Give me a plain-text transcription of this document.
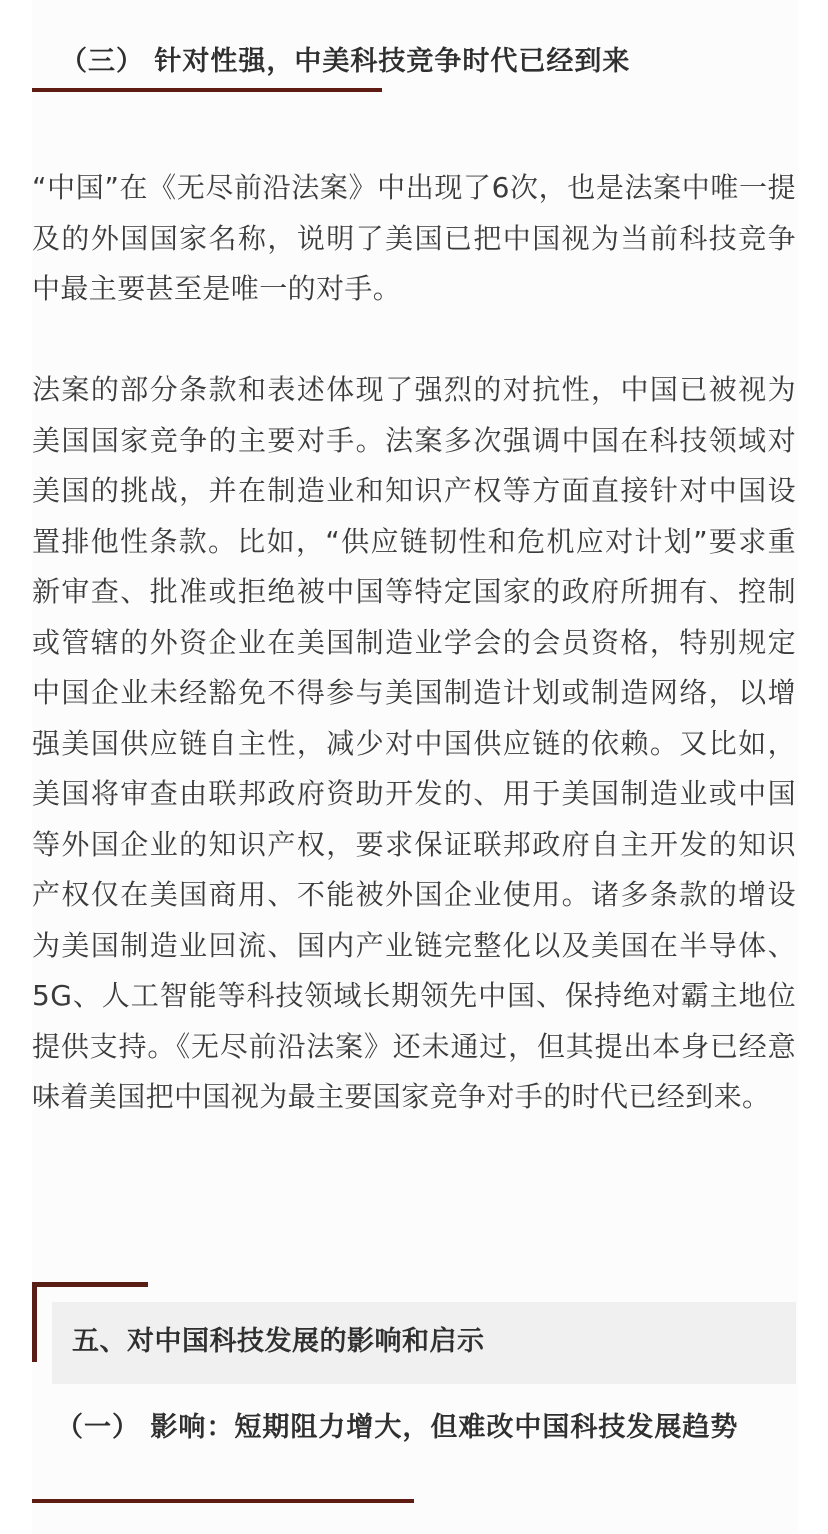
（三） 针对性强，中美科技竞争时代已经到来

“中国”在《无尽前沿法案》中出现了6次，也是法案中唯一提及的外国国家名称，说明了美国已把中国视为当前科技竞争中最主要甚至是唯一的对手。

法案的部分条款和表述体现了强烈的对抗性，中国已被视为美国国家竞争的主要对手。法案多次强调中国在科技领域对美国的挑战，并在制造业和知识产权等方面直接针对中国设置排他性条款。比如，“供应链韧性和危机应对计划”要求重新审查、批准或拒绝被中国等特定国家的政府所拥有、控制或管辖的外资企业在美国制造业学会的会员资格，特别规定中国企业未经豁免不得参与美国制造计划或制造网络，以增强美国供应链自主性，减少对中国供应链的依赖。又比如，美国将审查由联邦政府资助开发的、用于美国制造业或中国等外国企业的知识产权，要求保证联邦政府自主开发的知识产权仅在美国商用、不能被外国企业使用。诸多条款的增设为美国制造业回流、国内产业链完整化以及美国在半导体、5G、人工智能等科技领域长期领先中国、保持绝对霸主地位提供支持。《无尽前沿法案》还未通过，但其提出本身已经意味着美国把中国视为最主要国家竞争对手的时代已经到来。

五、对中国科技发展的影响和启示
（一） 影响：短期阻力增大，但难改中国科技发展趋势
